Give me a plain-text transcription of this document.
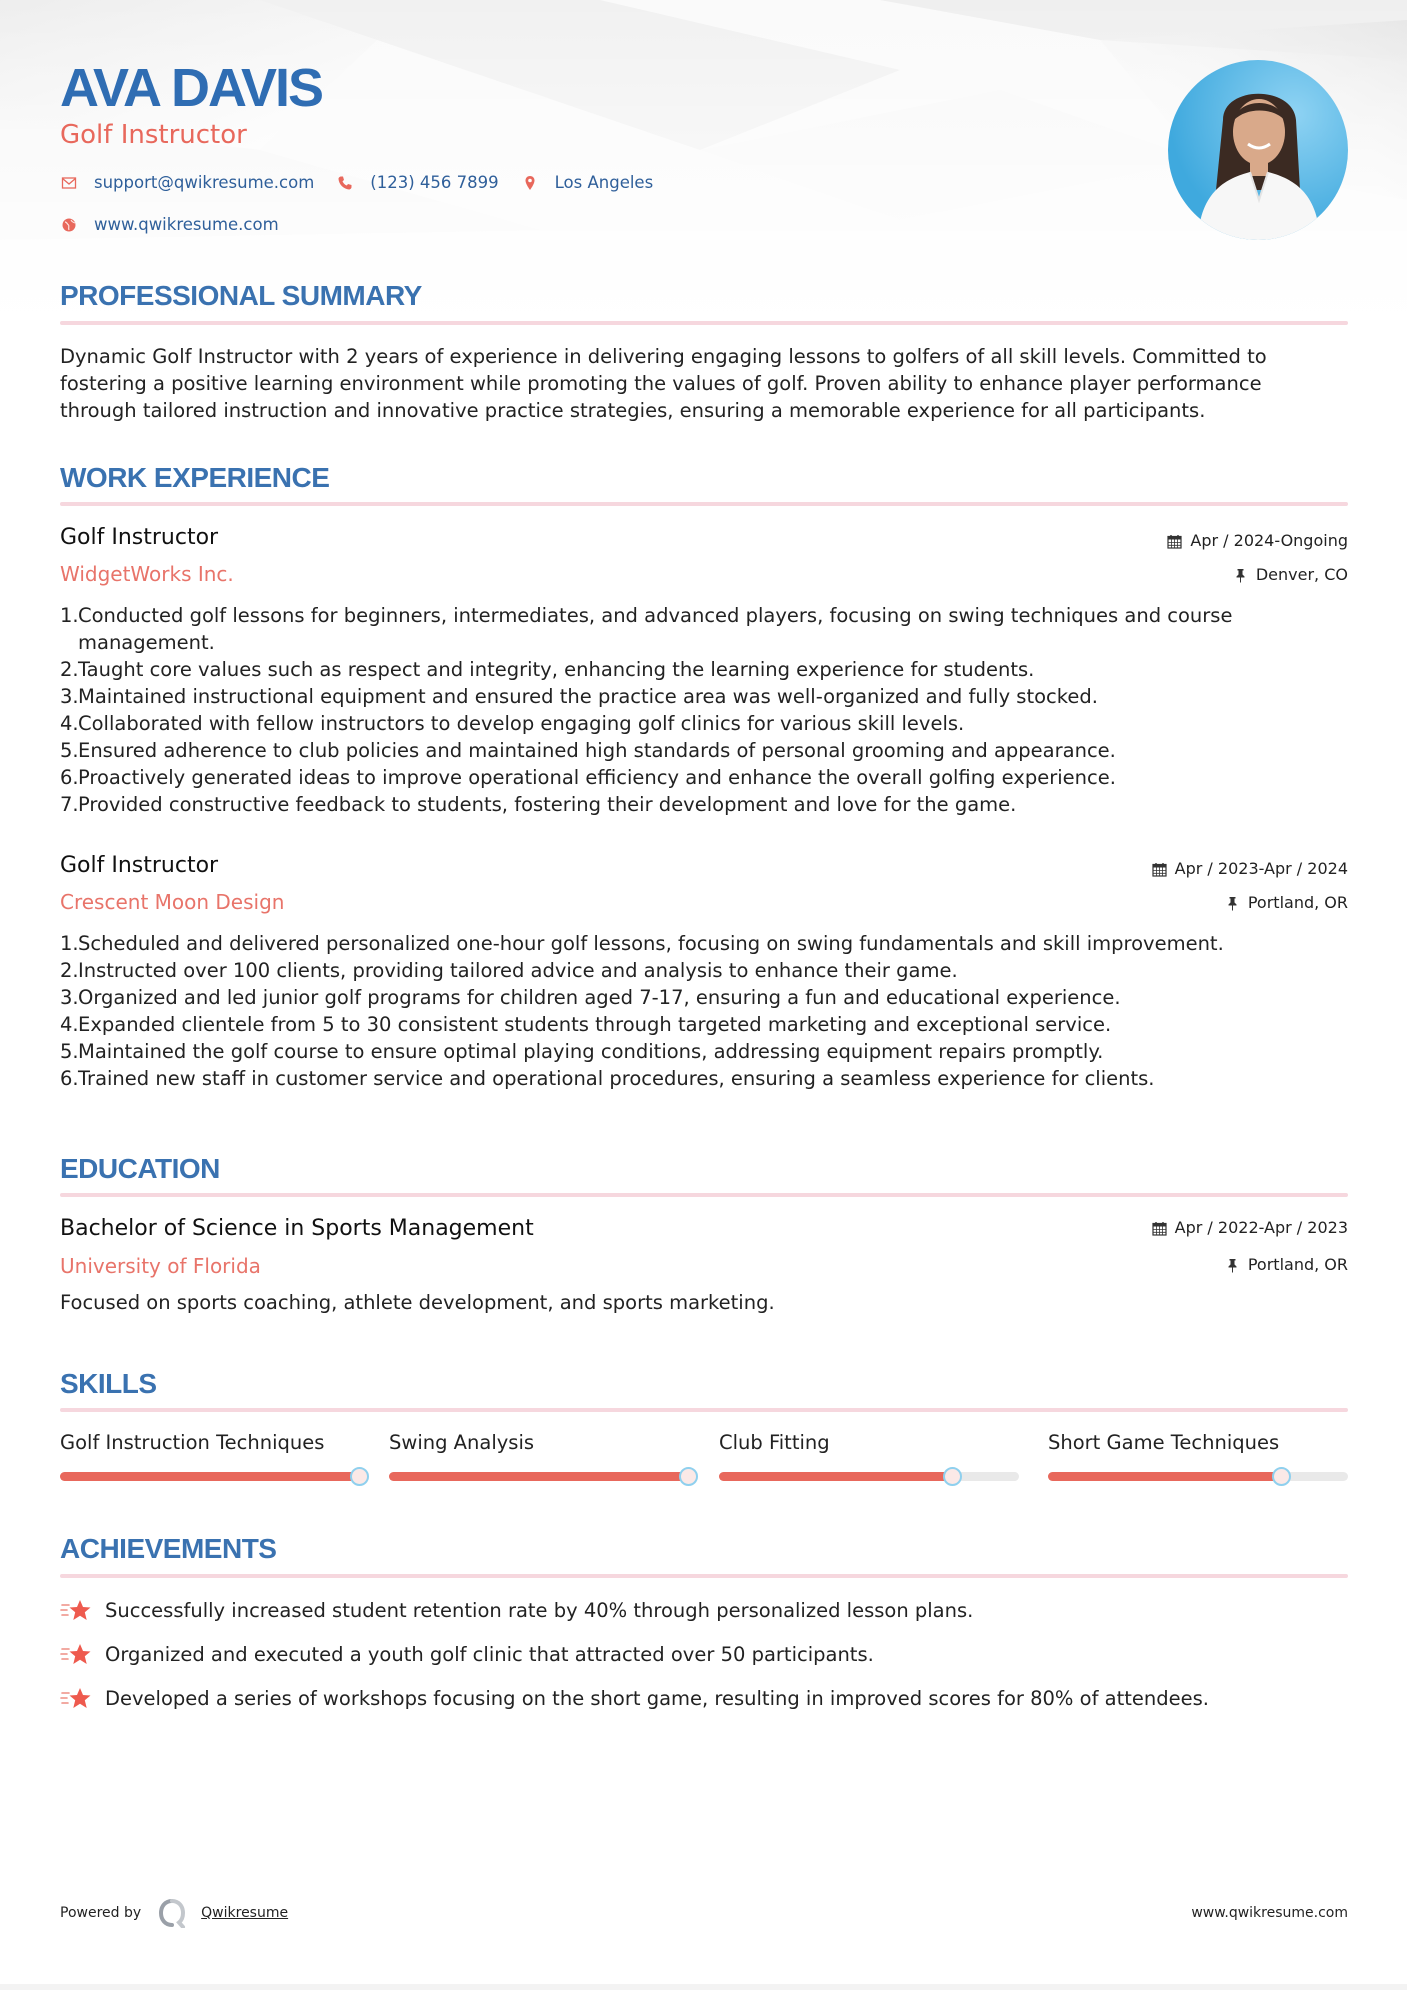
AVA DAVIS
Golf Instructor
support@qwikresume.com	(123) 456 7899	Los Angeles
www.qwikresume.com
PROFESSIONAL SUMMARY
Dynamic Golf Instructor with 2 years of experience in delivering engaging lessons to golfers of all skill levels. Committed to
fostering a positive learning environment while promoting the values of golf. Proven ability to enhance player performance
through tailored instruction and innovative practice strategies, ensuring a memorable experience for all participants.
WORK EXPERIENCE
Golf Instructor	Apr / 2024-Ongoing
WidgetWorks Inc.	Denver, CO
1. Conducted golf lessons for beginners, intermediates, and advanced players, focusing on swing techniques and course
management.
2. Taught core values such as respect and integrity, enhancing the learning experience for students.
3. Maintained instructional equipment and ensured the practice area was well-organized and fully stocked.
4. Collaborated with fellow instructors to develop engaging golf clinics for various skill levels.
5. Ensured adherence to club policies and maintained high standards of personal grooming and appearance.
6. Proactively generated ideas to improve operational efficiency and enhance the overall golfing experience.
7. Provided constructive feedback to students, fostering their development and love for the game.
Golf Instructor	Apr / 2023-Apr / 2024
Crescent Moon Design	Portland, OR
1. Scheduled and delivered personalized one-hour golf lessons, focusing on swing fundamentals and skill improvement.
2. Instructed over 100 clients, providing tailored advice and analysis to enhance their game.
3. Organized and led junior golf programs for children aged 7-17, ensuring a fun and educational experience.
4. Expanded clientele from 5 to 30 consistent students through targeted marketing and exceptional service.
5. Maintained the golf course to ensure optimal playing conditions, addressing equipment repairs promptly.
6. Trained new staff in customer service and operational procedures, ensuring a seamless experience for clients.
EDUCATION
Bachelor of Science in Sports Management	Apr / 2022-Apr / 2023
University of Florida	Portland, OR
Focused on sports coaching, athlete development, and sports marketing.
SKILLS
Golf Instruction Techniques	Swing Analysis	Club Fitting	Short Game Techniques
ACHIEVEMENTS
Successfully increased student retention rate by 40% through personalized lesson plans.
Organized and executed a youth golf clinic that attracted over 50 participants.
Developed a series of workshops focusing on the short game, resulting in improved scores for 80% of attendees.
Powered by	Qwikresume	www.qwikresume.com
